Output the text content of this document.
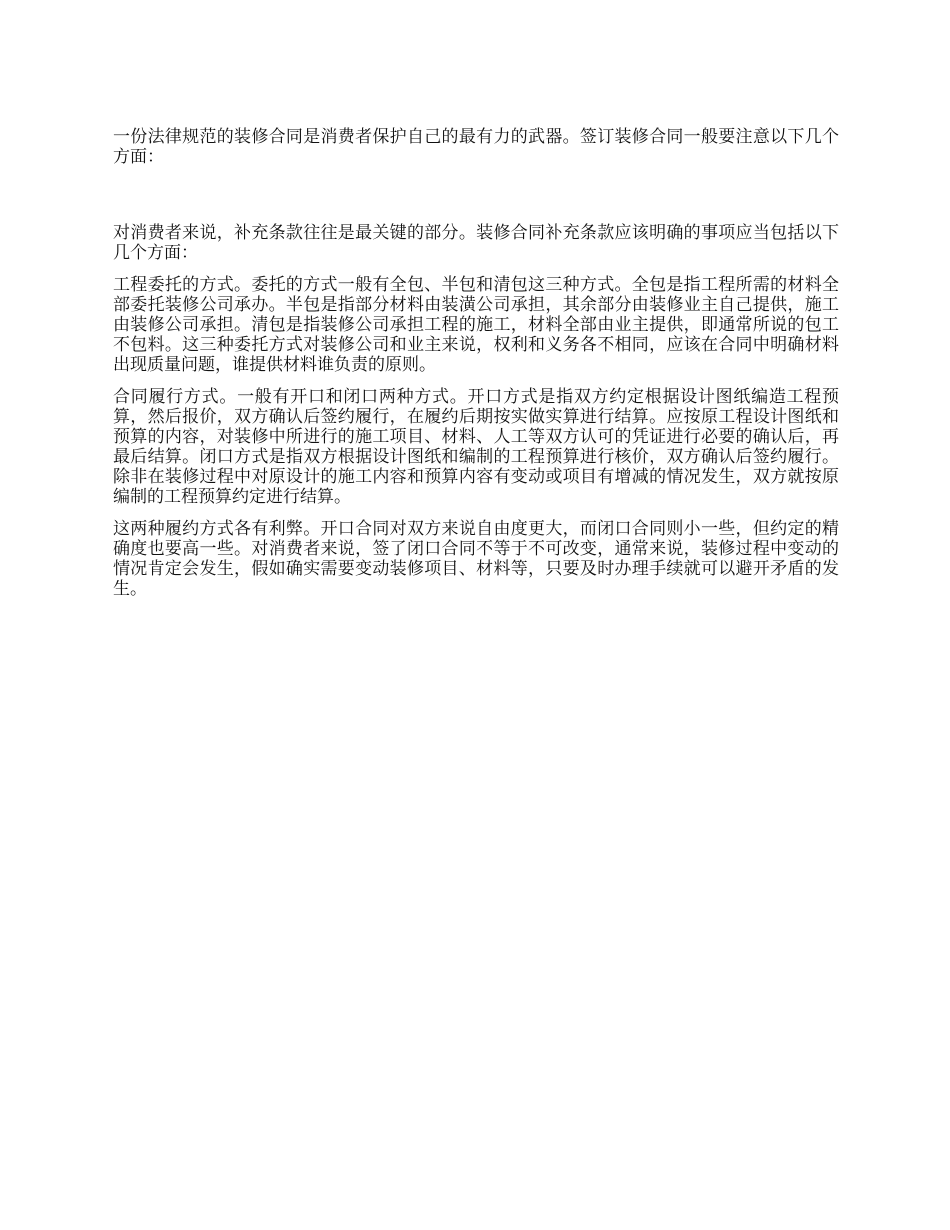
一份法律规范的装修合同是消费者保护自己的最有力的武器。签订装修合同一般要注意以下几个方面：

对消费者来说，补充条款往往是最关键的部分。装修合同补充条款应该明确的事项应当包括以下几个方面：

工程委托的方式。委托的方式一般有全包、半包和清包这三种方式。全包是指工程所需的材料全部委托装修公司承办。半包是指部分材料由装潢公司承担，其余部分由装修业主自己提供，施工由装修公司承担。清包是指装修公司承担工程的施工，材料全部由业主提供，即通常所说的包工不包料。这三种委托方式对装修公司和业主来说，权利和义务各不相同，应该在合同中明确材料出现质量问题，谁提供材料谁负责的原则。

合同履行方式。一般有开口和闭口两种方式。开口方式是指双方约定根据设计图纸编造工程预算，然后报价，双方确认后签约履行，在履约后期按实做实算进行结算。应按原工程设计图纸和预算的内容，对装修中所进行的施工项目、材料、人工等双方认可的凭证进行必要的确认后，再最后结算。闭口方式是指双方根据设计图纸和编制的工程预算进行核价，双方确认后签约履行。除非在装修过程中对原设计的施工内容和预算内容有变动或项目有增减的情况发生，双方就按原编制的工程预算约定进行结算。

这两种履约方式各有利弊。开口合同对双方来说自由度更大，而闭口合同则小一些，但约定的精确度也要高一些。对消费者来说，签了闭口合同不等于不可改变，通常来说，装修过程中变动的情况肯定会发生，假如确实需要变动装修项目、材料等，只要及时办理手续就可以避开矛盾的发生。
